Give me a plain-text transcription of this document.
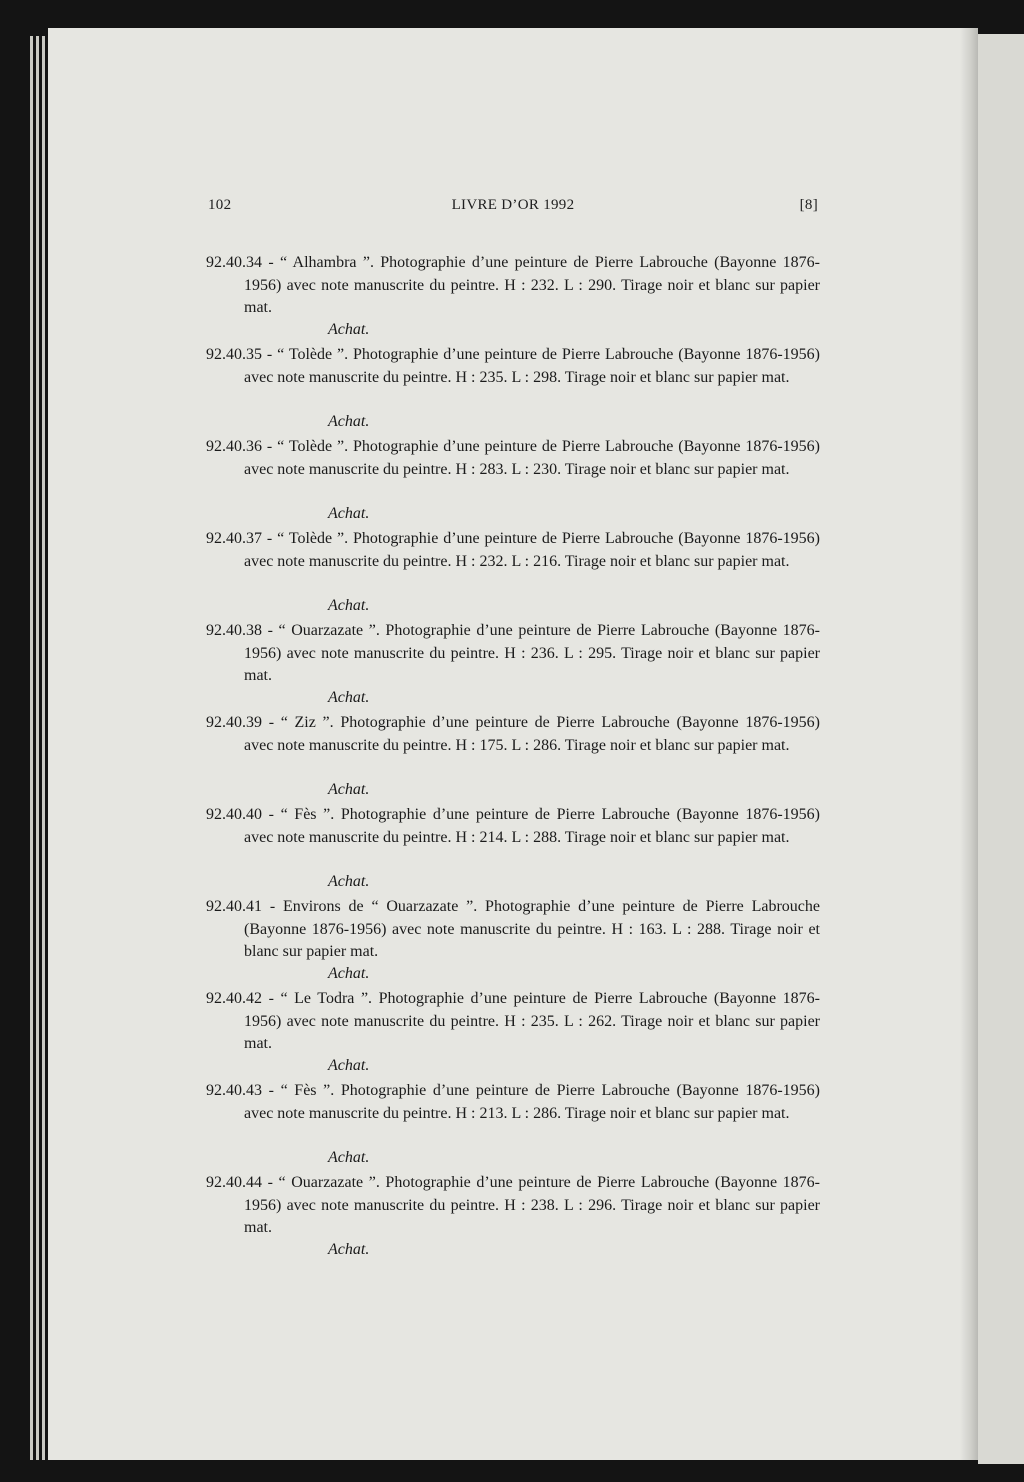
102	LIVRE D’OR 1992	[8]

92.40.34 - “ Alhambra ”. Photographie d’une peinture de Pierre Labrouche (Bayonne 1876-1956) avec note manuscrite du peintre. H : 232. L : 290. Tirage noir et blanc sur papier mat.

Achat.

92.40.35 - “ Tolède ”. Photographie d’une peinture de Pierre Labrouche (Bayonne 1876-1956) avec note manuscrite du peintre. H : 235. L : 298. Tirage noir et blanc sur papier mat.

Achat.

92.40.36 - “ Tolède ”. Photographie d’une peinture de Pierre Labrouche (Bayonne 1876-1956) avec note manuscrite du peintre. H : 283. L : 230. Tirage noir et blanc sur papier mat.

Achat.

92.40.37 - “ Tolède ”. Photographie d’une peinture de Pierre Labrouche (Bayonne 1876-1956) avec note manuscrite du peintre. H : 232. L : 216. Tirage noir et blanc sur papier mat.

Achat.

92.40.38 - “ Ouarzazate ”. Photographie d’une peinture de Pierre Labrouche (Bayonne 1876-1956) avec note manuscrite du peintre. H : 236. L : 295. Tirage noir et blanc sur papier mat.

Achat.

92.40.39 - “ Ziz ”. Photographie d’une peinture de Pierre Labrouche (Bayonne 1876-1956) avec note manuscrite du peintre. H : 175. L : 286. Tirage noir et blanc sur papier mat.

Achat.

92.40.40 - “ Fès ”. Photographie d’une peinture de Pierre Labrouche (Bayonne 1876-1956) avec note manuscrite du peintre. H : 214. L : 288. Tirage noir et blanc sur papier mat.

Achat.

92.40.41 - Environs de “ Ouarzazate ”. Photographie d’une peinture de Pierre Labrouche (Bayonne 1876-1956) avec note manuscrite du peintre. H : 163. L : 288. Tirage noir et blanc sur papier mat.

Achat.

92.40.42 - “ Le Todra ”. Photographie d’une peinture de Pierre Labrouche (Bayonne 1876-1956) avec note manuscrite du peintre. H : 235. L : 262. Tirage noir et blanc sur papier mat.

Achat.

92.40.43 - “ Fès ”. Photographie d’une peinture de Pierre Labrouche (Bayonne 1876-1956) avec note manuscrite du peintre. H : 213. L : 286. Tirage noir et blanc sur papier mat.

Achat.

92.40.44 - “ Ouarzazate ”. Photographie d’une peinture de Pierre Labrouche (Bayonne 1876-1956) avec note manuscrite du peintre. H : 238. L : 296. Tirage noir et blanc sur papier mat.

Achat.
